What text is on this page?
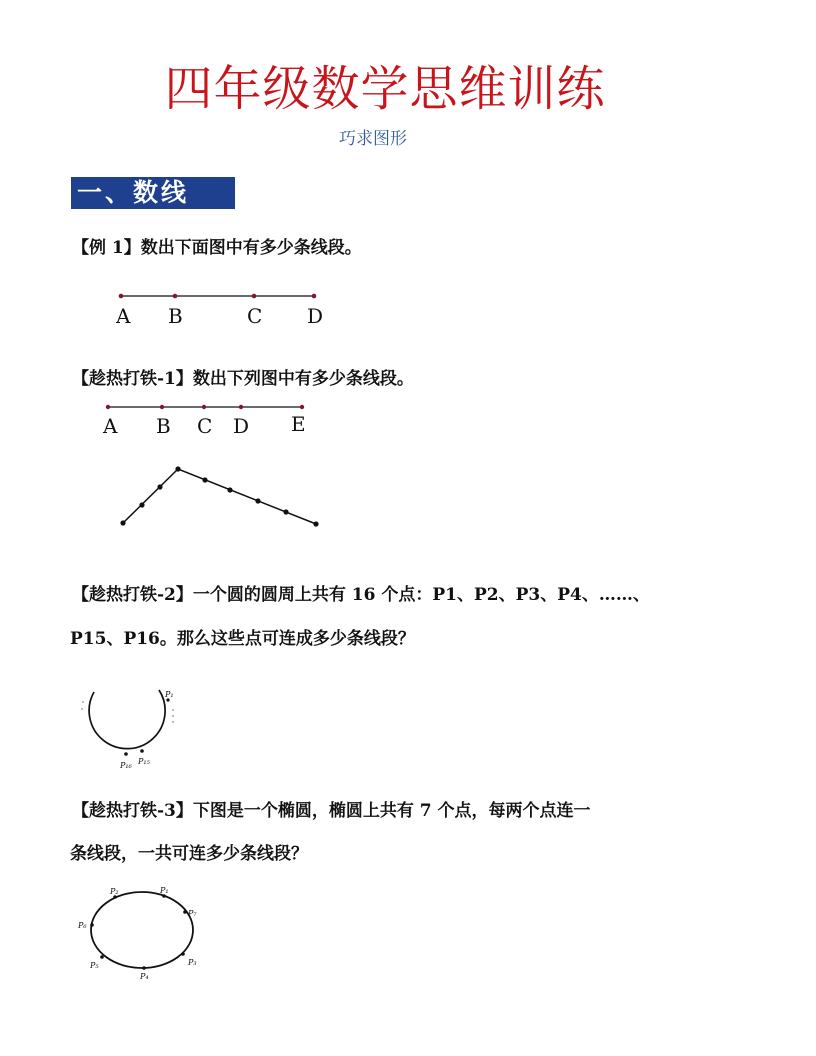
四年级数学思维训练
巧求图形
一、数线
【例 1】数出下面图中有多少条线段。
A B	C D
【趁热打铁-1】数出下列图中有多少条线段。
A B C D E
【趁热打铁-2】一个圆的圆周上共有 16 个点：P1、P2、P3、P4、……、
P15、P16。那么这些点可连成多少条线段？
P₁
P₁₆ P₁₅
【趁热打铁-3】下图是一个椭圆，椭圆上共有 7 个点，每两个点连一
条线段，一共可连多少条线段？
P₂	P₁
P₇
P₆
P₅
P₄
P₃
